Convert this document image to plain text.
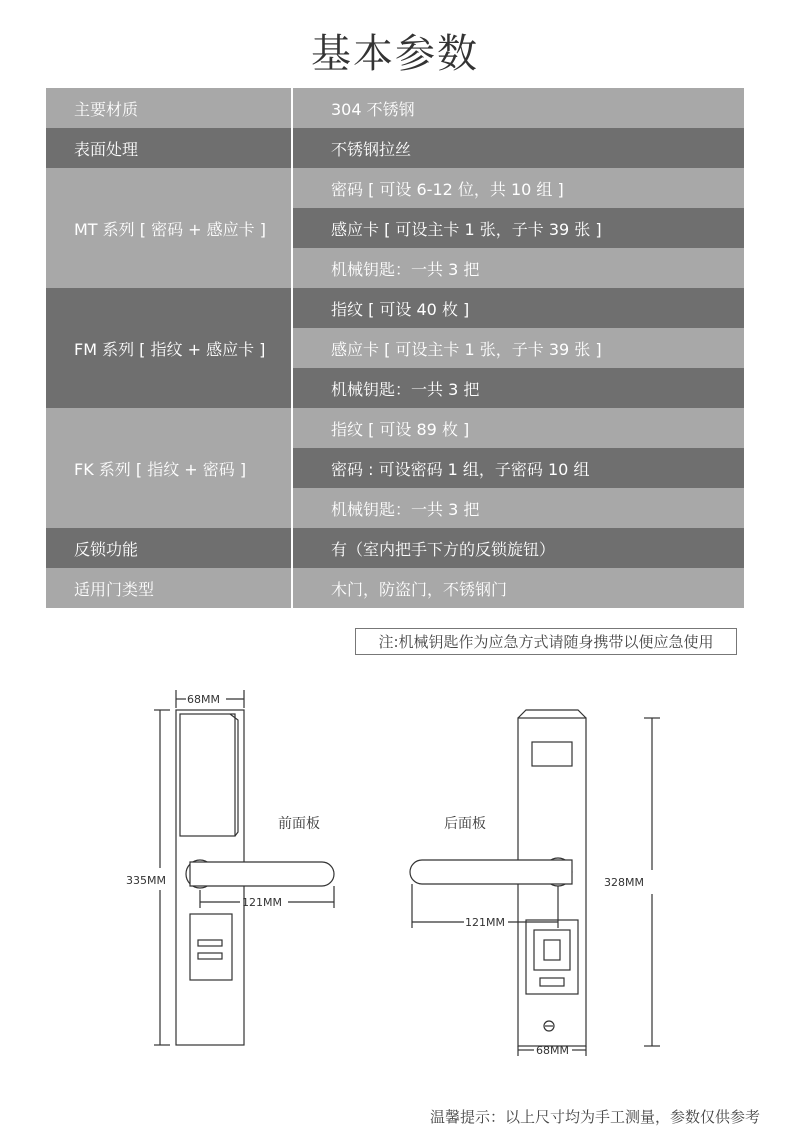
基本参数
主要材质	304 不锈钢
表面处理	不锈钢拉丝
MT 系列 [ 密码 + 感应卡 ]
密码 [ 可设 6-12 位，共 10 组 ]
感应卡 [ 可设主卡 1 张，子卡 39 张 ]
机械钥匙：一共 3 把
FM 系列 [ 指纹 + 感应卡 ]
指纹 [ 可设 40 枚 ]
感应卡 [ 可设主卡 1 张，子卡 39 张 ]
机械钥匙：一共 3 把
FK 系列 [ 指纹 + 密码 ]
指纹 [ 可设 89 枚 ]
密码 : 可设密码 1 组，子密码 10 组
机械钥匙：一共 3 把
反锁功能	有（室内把手下方的反锁旋钮）
适用门类型	木门，防盗门，不锈钢门
注:机械钥匙作为应急方式请随身携带以便应急使用
68MM
335MM
121MM
328MM
121MM
68MM
前面板	后面板
温馨提示：以上尺寸均为手工测量，参数仅供参考
